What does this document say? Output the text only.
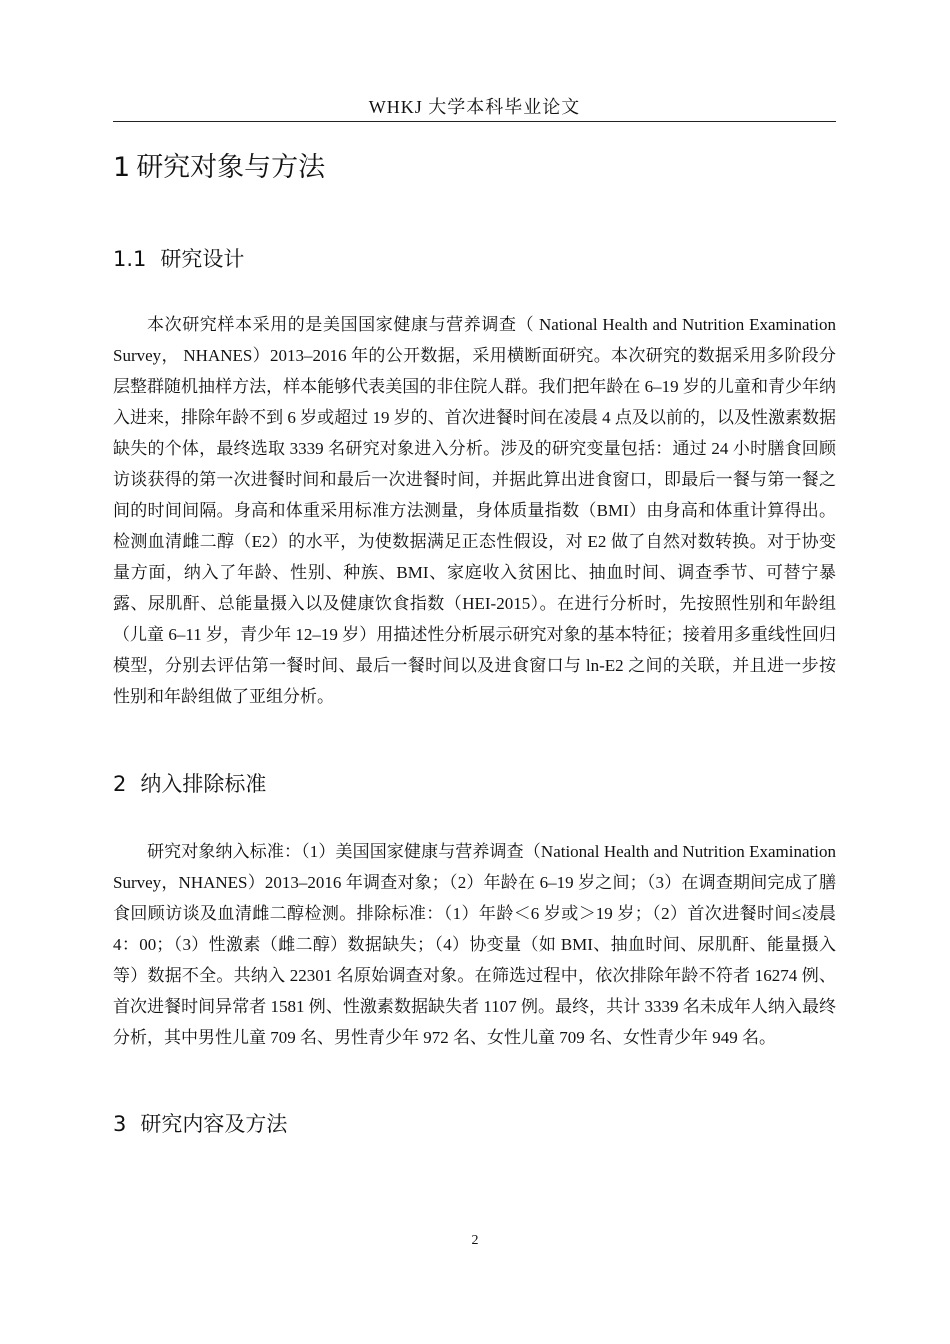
WHKJ 大学本科毕业论文
1 研究对象与方法
1.1 研究设计

本次研究样本采用的是美国国家健康与营养调查（ National Health and Nutrition Examination Survey， NHANES）2013–2016 年的公开数据，采用横断面研究。本次研究的数据采用多阶段分层整群随机抽样方法，样本能够代表美国的非住院人群。我们把年龄在 6–19 岁的儿童和青少年纳入进来，排除年龄不到 6 岁或超过 19 岁的、首次进餐时间在凌晨 4 点及以前的，以及性激素数据缺失的个体，最终选取 3339 名研究对象进入分析。涉及的研究变量包括：通过 24 小时膳食回顾访谈获得的第一次进餐时间和最后一次进餐时间，并据此算出进食窗口，即最后一餐与第一餐之间的时间间隔。身高和体重采用标准方法测量，身体质量指数（BMI）由身高和体重计算得出。检测血清雌二醇（E2）的水平，为使数据满足正态性假设，对 E2 做了自然对数转换。对于协变量方面，纳入了年龄、性别、种族、BMI、家庭收入贫困比、抽血时间、调查季节、可替宁暴露、尿肌酐、总能量摄入以及健康饮食指数（HEI-2015）。在进行分析时，先按照性别和年龄组（儿童 6–11 岁，青少年 12–19 岁）用描述性分析展示研究对象的基本特征；接着用多重线性回归模型，分别去评估第一餐时间、最后一餐时间以及进食窗口与 ln-E2 之间的关联，并且进一步按性别和年龄组做了亚组分析。

2 纳入排除标准

研究对象纳入标准：（1）美国国家健康与营养调查（National Health and Nutrition Examination Survey，NHANES）2013–2016 年调查对象；（2）年龄在 6–19 岁之间；（3）在调查期间完成了膳食回顾访谈及血清雌二醇检测。排除标准：（1）年龄＜6 岁或＞19 岁；（2）首次进餐时间≤凌晨 4：00；（3）性激素（雌二醇）数据缺失；（4）协变量（如 BMI、抽血时间、尿肌酐、能量摄入等）数据不全。共纳入 22301 名原始调查对象。在筛选过程中，依次排除年龄不符者 16274 例、首次进餐时间异常者 1581 例、性激素数据缺失者 1107 例。最终，共计 3339 名未成年人纳入最终分析，其中男性儿童 709 名、男性青少年 972 名、女性儿童 709 名、女性青少年 949 名。

3 研究内容及方法
2
